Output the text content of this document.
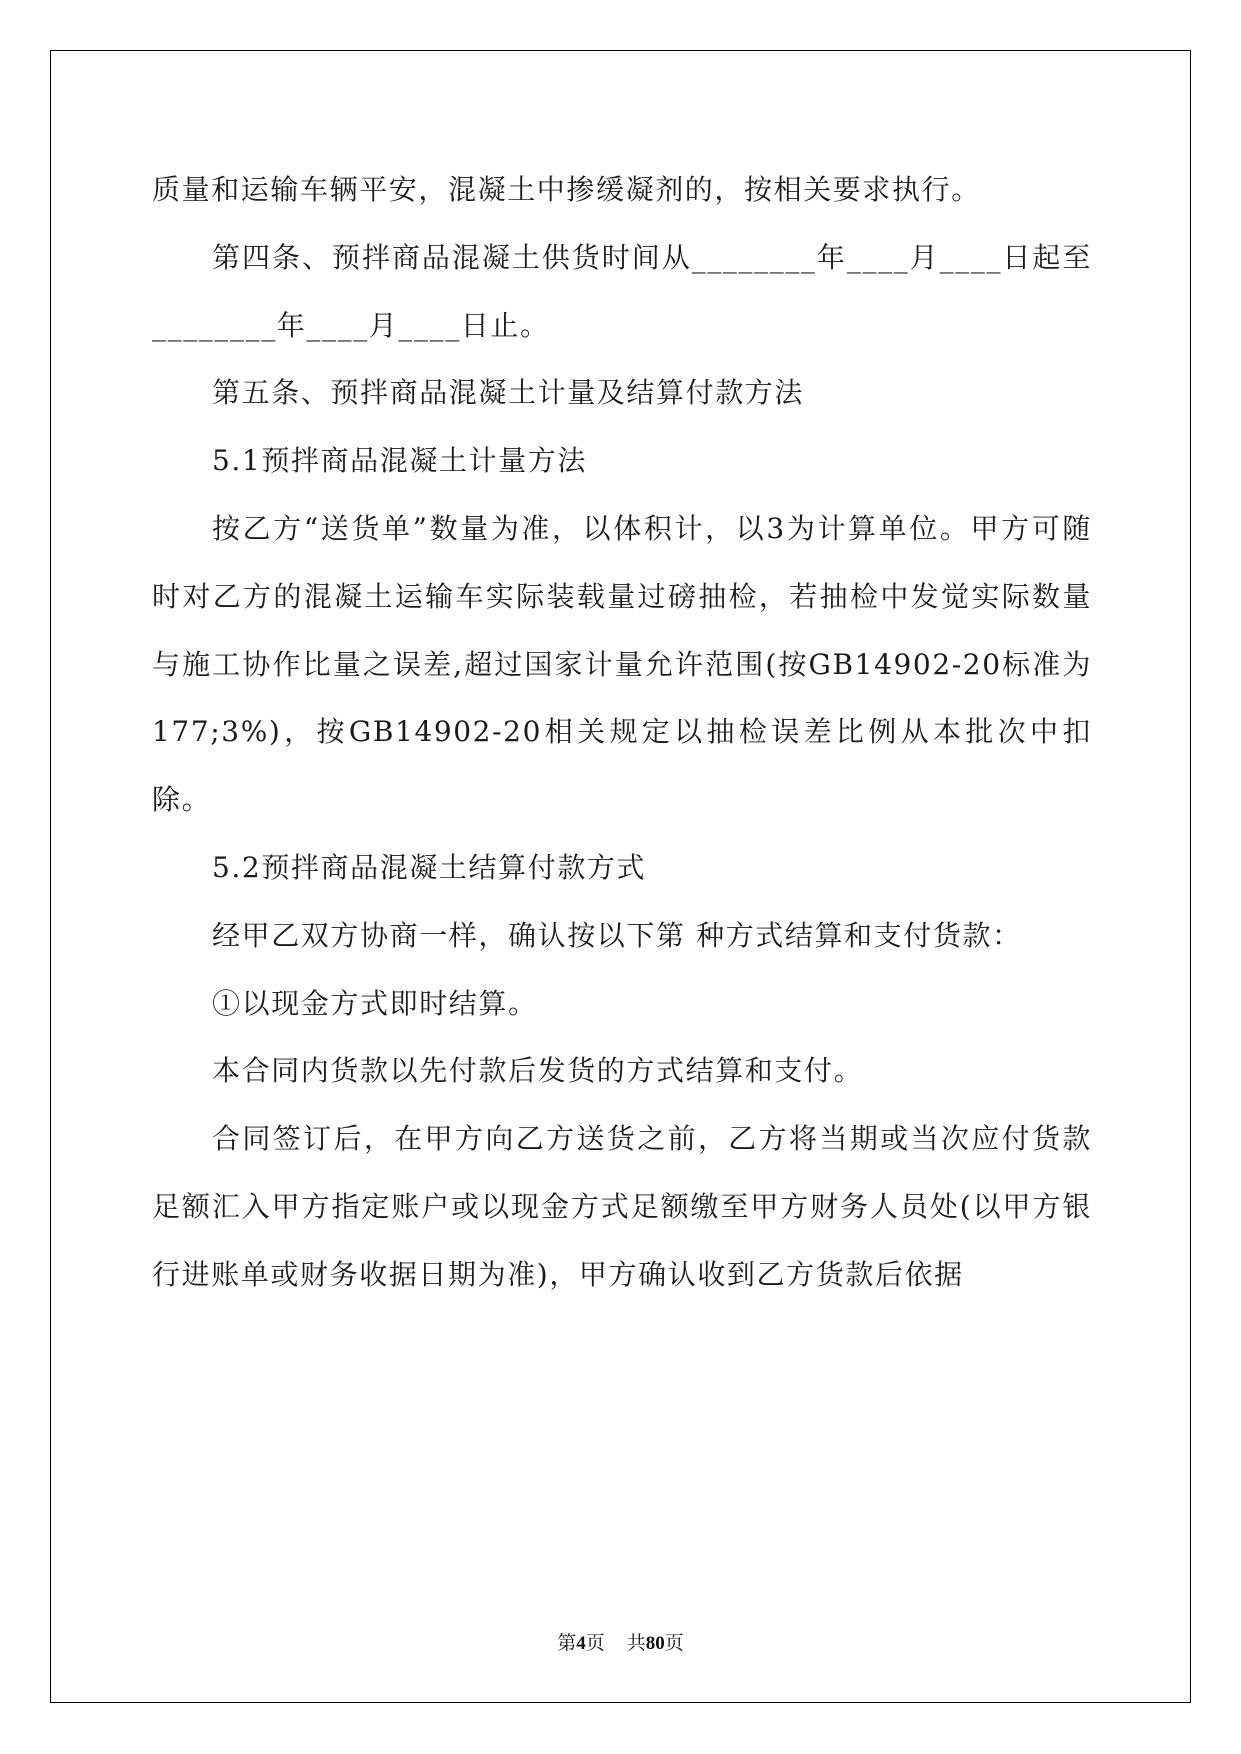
质量和运输车辆平安，混凝土中掺缓凝剂的，按相关要求执行。

第四条、预拌商品混凝土供货时间从________年____月____日起至________年____月____日止。

第五条、预拌商品混凝土计量及结算付款方法

5.1预拌商品混凝土计量方法

按乙方“送货单”数量为准，以体积计，以3为计算单位。甲方可随时对乙方的混凝土运输车实际装载量过磅抽检，若抽检中发觉实际数量与施工协作比量之误差,超过国家计量允许范围(按GB14902-20标准为177;3%)，按GB14902-20相关规定以抽检误差比例从本批次中扣除。

5.2预拌商品混凝土结算付款方式

经甲乙双方协商一样，确认按以下第 种方式结算和支付货款：

①以现金方式即时结算。

本合同内货款以先付款后发货的方式结算和支付。

合同签订后，在甲方向乙方送货之前，乙方将当期或当次应付货款足额汇入甲方指定账户或以现金方式足额缴至甲方财务人员处(以甲方银行进账单或财务收据日期为准)，甲方确认收到乙方货款后依据

第4页 共80页
